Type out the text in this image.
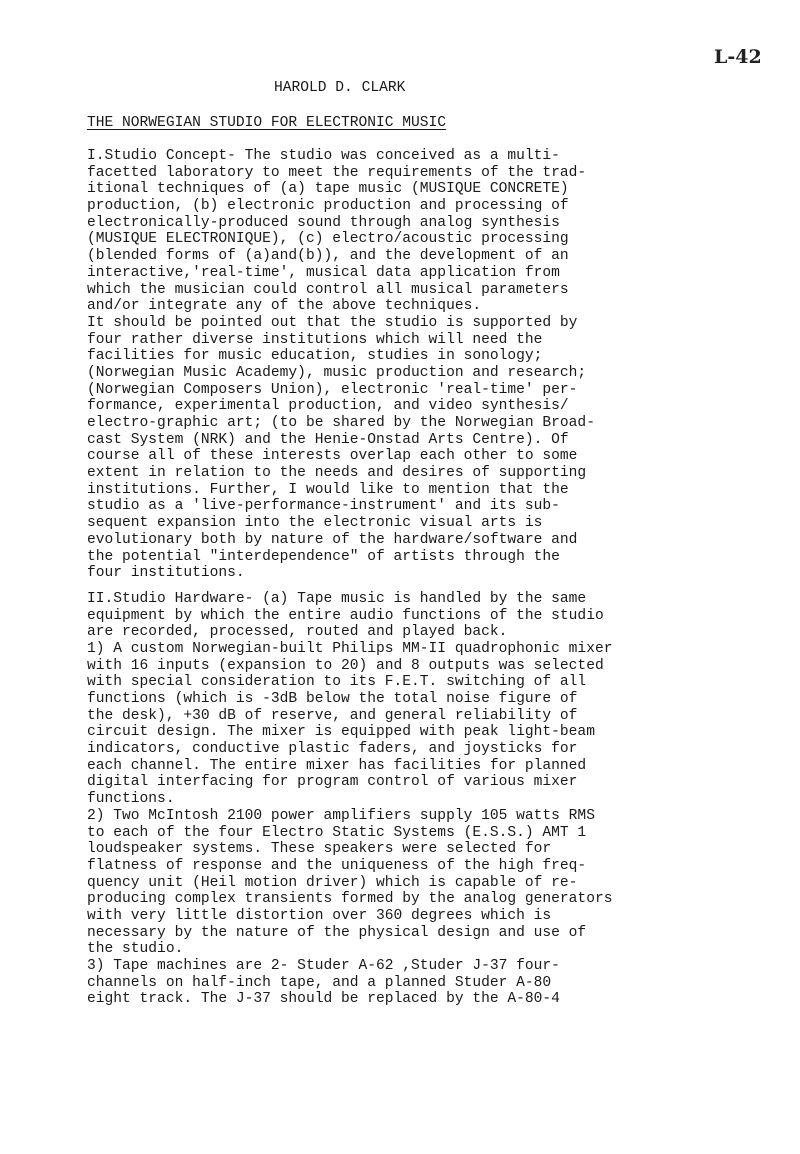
L-42
HAROLD D. CLARK
THE NORWEGIAN STUDIO FOR ELECTRONIC MUSIC
I.Studio Concept- The studio was conceived as a multi-
facetted laboratory to meet the requirements of the trad-
itional techniques of (a) tape music (MUSIQUE CONCRETE)
production, (b) electronic production and processing of
electronically-produced sound through analog synthesis
(MUSIQUE ELECTRONIQUE), (c) electro/acoustic processing
(blended forms of (a)and(b)), and the development of an
interactive,'real-time', musical data application from
which the musician could control all musical parameters
and/or integrate any of the above techniques.
It should be pointed out that the studio is supported by
four rather diverse institutions which will need the
facilities for music education, studies in sonology;
(Norwegian Music Academy), music production and research;
(Norwegian Composers Union), electronic 'real-time' per-
formance, experimental production, and video synthesis/
electro-graphic art; (to be shared by the Norwegian Broad-
cast System (NRK) and the Henie-Onstad Arts Centre). Of
course all of these interests overlap each other to some
extent in relation to the needs and desires of supporting
institutions. Further, I would like to mention that the
studio as a 'live-performance-instrument' and its sub-
sequent expansion into the electronic visual arts is
evolutionary both by nature of the hardware/software and
the potential "interdependence" of artists through the
four institutions.
II.Studio Hardware- (a) Tape music is handled by the same
equipment by which the entire audio functions of the studio
are recorded, processed, routed and played back.
1) A custom Norwegian-built Philips MM-II quadrophonic mixer
with 16 inputs (expansion to 20) and 8 outputs was selected
with special consideration to its F.E.T. switching of all
functions (which is -3dB below the total noise figure of
the desk), +30 dB of reserve, and general reliability of
circuit design. The mixer is equipped with peak light-beam
indicators, conductive plastic faders, and joysticks for
each channel. The entire mixer has facilities for planned
digital interfacing for program control of various mixer
functions.
2) Two McIntosh 2100 power amplifiers supply 105 watts RMS
to each of the four Electro Static Systems (E.S.S.) AMT 1
loudspeaker systems. These speakers were selected for
flatness of response and the uniqueness of the high freq-
quency unit (Heil motion driver) which is capable of re-
producing complex transients formed by the analog generators
with very little distortion over 360 degrees which is
necessary by the nature of the physical design and use of
the studio.
3) Tape machines are 2- Studer A-62 ,Studer J-37 four-
channels on half-inch tape, and a planned Studer A-80
eight track. The J-37 should be replaced by the A-80-4
